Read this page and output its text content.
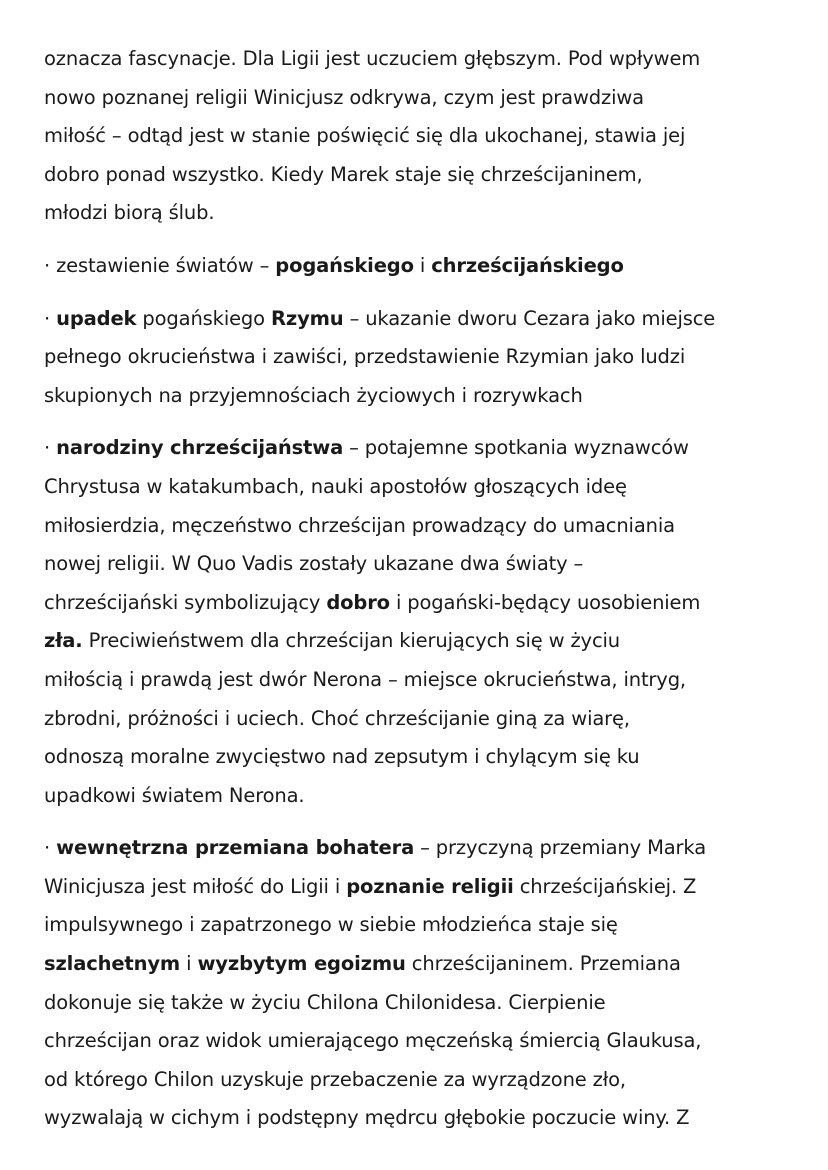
oznacza fascynacje. Dla Ligii jest uczuciem głębszym. Pod wpływem
nowo poznanej religii Winicjusz odkrywa, czym jest prawdziwa
miłość – odtąd jest w stanie poświęcić się dla ukochanej, stawia jej
dobro ponad wszystko. Kiedy Marek staje się chrześcijaninem,
młodzi biorą ślub.

· zestawienie światów – pogańskiego i chrześcijańskiego

· upadek pogańskiego Rzymu – ukazanie dworu Cezara jako miejsce
pełnego okrucieństwa i zawiści, przedstawienie Rzymian jako ludzi
skupionych na przyjemnościach życiowych i rozrywkach

· narodziny chrześcijaństwa – potajemne spotkania wyznawców
Chrystusa w katakumbach, nauki apostołów głoszących ideę
miłosierdzia, męczeństwo chrześcijan prowadzący do umacniania
nowej religii. W Quo Vadis zostały ukazane dwa światy –
chrześcijański symbolizujący dobro i pogański-będący uosobieniem
zła. Preciwieństwem dla chrześcijan kierujących się w życiu
miłością i prawdą jest dwór Nerona – miejsce okrucieństwa, intryg,
zbrodni, próżności i uciech. Choć chrześcijanie giną za wiarę,
odnoszą moralne zwycięstwo nad zepsutym i chylącym się ku
upadkowi światem Nerona.

· wewnętrzna przemiana bohatera – przyczyną przemiany Marka
Winicjusza jest miłość do Ligii i poznanie religii chrześcijańskiej. Z
impulsywnego i zapatrzonego w siebie młodzieńca staje się
szlachetnym i wyzbytym egoizmu chrześcijaninem. Przemiana
dokonuje się także w życiu Chilona Chilonidesa. Cierpienie
chrześcijan oraz widok umierającego męczeńską śmiercią Glaukusa,
od którego Chilon uzyskuje przebaczenie za wyrządzone zło,
wyzwalają w cichym i podstępny mędrcu głębokie poczucie winy. Z
